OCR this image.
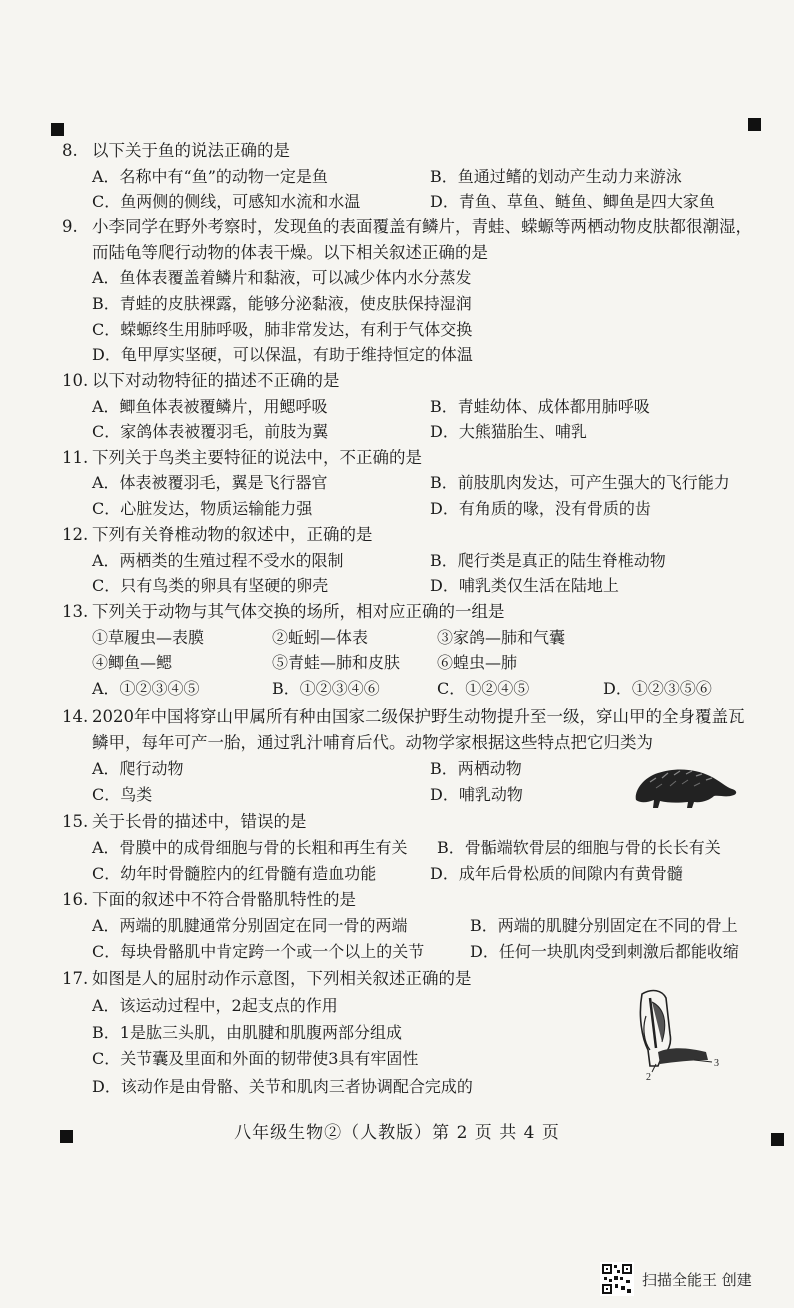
8. 以下关于鱼的说法正确的是
A．名称中有“鱼”的动物一定是鱼	B．鱼通过鳍的划动产生动力来游泳
C．鱼两侧的侧线，可感知水流和水温	D．青鱼、草鱼、鲢鱼、鲫鱼是四大家鱼
9. 小李同学在野外考察时，发现鱼的表面覆盖有鳞片，青蛙、蝾螈等两栖动物皮肤都很潮湿，
而陆龟等爬行动物的体表干燥。以下相关叙述正确的是
A．鱼体表覆盖着鳞片和黏液，可以减少体内水分蒸发
B．青蛙的皮肤裸露，能够分泌黏液，使皮肤保持湿润
C．蝾螈终生用肺呼吸，肺非常发达，有利于气体交换
D．龟甲厚实坚硬，可以保温，有助于维持恒定的体温
10. 以下对动物特征的描述不正确的是
A．鲫鱼体表被覆鳞片，用鳃呼吸	B．青蛙幼体、成体都用肺呼吸
C．家鸽体表被覆羽毛，前肢为翼	D．大熊猫胎生、哺乳
11. 下列关于鸟类主要特征的说法中，不正确的是
A．体表被覆羽毛，翼是飞行器官	B．前肢肌肉发达，可产生强大的飞行能力
C．心脏发达，物质运输能力强	D．有角质的喙，没有骨质的齿
12. 下列有关脊椎动物的叙述中，正确的是
A．两栖类的生殖过程不受水的限制	B．爬行类是真正的陆生脊椎动物
C．只有鸟类的卵具有坚硬的卵壳	D．哺乳类仅生活在陆地上
13. 下列关于动物与其气体交换的场所，相对应正确的一组是
①草履虫—表膜	②蚯蚓—体表	③家鸽—肺和气囊
④鲫鱼—鳃	⑤青蛙—肺和皮肤 ⑥蝗虫—肺
A．①②③④⑤	B．①②③④⑥	C．①②④⑤	D．①②③⑤⑥
14. 2020年中国将穿山甲属所有种由国家二级保护野生动物提升至一级，穿山甲的全身覆盖瓦
鳞甲，每年可产一胎，通过乳汁哺育后代。动物学家根据这些特点把它归类为
A．爬行动物	B．两栖动物
C．鸟类	D．哺乳动物
15. 关于长骨的描述中，错误的是
A．骨膜中的成骨细胞与骨的长粗和再生有关 B．骨骺端软骨层的细胞与骨的长长有关
C．幼年时骨髓腔内的红骨髓有造血功能	D．成年后骨松质的间隙内有黄骨髓
16. 下面的叙述中不符合骨骼肌特性的是
A．两端的肌腱通常分别固定在同一骨的两端	B．两端的肌腱分别固定在不同的骨上
C．每块骨骼肌中肯定跨一个或一个以上的关节	D．任何一块肌肉受到刺激后都能收缩
17. 如图是人的屈肘动作示意图，下列相关叙述正确的是
A．该运动过程中，2起支点的作用
B．1是肱三头肌，由肌腱和肌腹两部分组成
C．关节囊及里面和外面的韧带使3具有牢固性
D．该动作是由骨骼、关节和肌肉三者协调配合完成的	2
3
八年级生物②（人教版）第 2 页 共 4 页
扫描全能王 创建
